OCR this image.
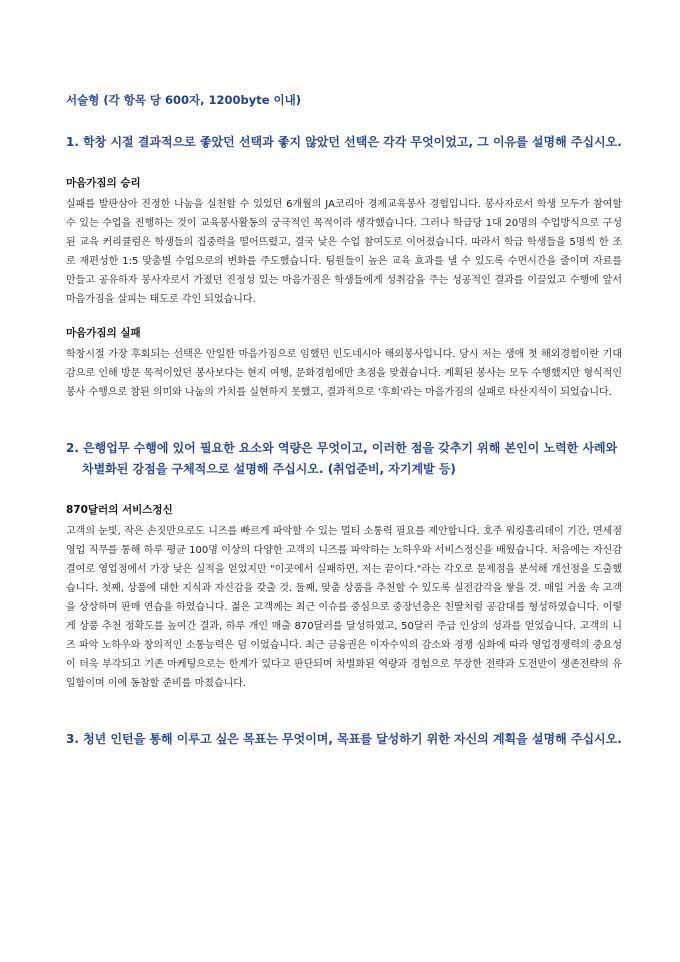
서술형 (각 항목 당 600자, 1200byte 이내)

1. 학창 시절 결과적으로 좋았던 선택과 좋지 않았던 선택은 각각 무엇이었고, 그 이유를 설명해 주십시오.

마음가짐의 승리

실패를 발판삼아 진정한 나눔을 실천할 수 있었던 6개월의 JA코리아 경제교육봉사 경험입니다. 봉사자로서 학생 모두가 참여할 수 있는 수업을 진행하는 것이 교육봉사활동의 궁극적인 목적이라 생각했습니다. 그러나 학급당 1대 20명의 수업방식으로 구성된 교육 커리큘럼은 학생들의 집중력을 떨어뜨렸고, 결국 낮은 수업 참여도로 이어졌습니다. 따라서 학급 학생들을 5명씩 한 조로 재편성한 1:5 맞춤별 수업으로의 변화를 주도했습니다. 팀원들이 높은 교육 효과를 낼 수 있도록 수면시간을 줄이며 자료를 만들고 공유하자 봉사자로서 가졌던 진정성 있는 마음가짐은 학생들에게 성취감을 주는 성공적인 결과를 이끌었고 수행에 앞서 마음가짐을 살피는 태도로 각인 되었습니다.

마음가짐의 실패

학창시절 가장 후회되는 선택은 안일한 마음가짐으로 임했던 인도네시아 해외봉사입니다. 당시 저는 생애 첫 해외경험이란 기대감으로 인해 방문 목적이었던 봉사보다는 현지 여행, 문화경험에만 초점을 맞췄습니다. 계획된 봉사는 모두 수행했지만 형식적인 봉사 수행으로 참된 의미와 나눔의 가치를 실현하지 못했고, 결과적으로 '후회'라는 마음가짐의 실패로 타산지석이 되었습니다.

2. 은행업무 수행에 있어 필요한 요소와 역량은 무엇이고, 이러한 점을 갖추기 위해 본인이 노력한 사례와 차별화된 강점을 구체적으로 설명해 주십시오. (취업준비, 자기계발 등)

870달러의 서비스정신

고객의 눈빛, 작은 손짓만으로도 니즈를 빠르게 파악할 수 있는 멀티 소통력 필요를 제안합니다. 호주 워킹홀리데이 기간, 면세점 영업 직무를 통해 하루 평균 100명 이상의 다양한 고객의 니즈를 파악하는 노하우와 서비스정신을 배웠습니다. 처음에는 자신감 결여로 영업점에서 가장 낮은 실적을 얻었지만 "이곳에서 실패하면, 저는 끝이다."라는 각오로 문제점을 분석해 개선점을 도출했습니다. 첫째, 상품에 대한 지식과 자신감을 갖출 것. 둘째, 맞춤 상품을 추천할 수 있도록 실전감각을 쌓을 것. 매일 거울 속 고객을 상상하며 판매 연습을 하였습니다. 젊은 고객께는 최근 이슈를 중심으로 중장년층은 친딸처럼 공감대를 형성하였습니다. 이렇게 상품 추천 정확도를 높여간 결과, 하루 개인 매출 870달러를 달성하였고, 50달러 주급 인상의 성과를 얻었습니다. 고객의 니즈 파악 노하우와 창의적인 소통능력은 덤 이었습니다. 최근 금융권은 이자수익의 감소와 경쟁 심화에 따라 영업경쟁력의 중요성이 더욱 부각되고 기존 마케팅으로는 한계가 있다고 판단되며 차별화된 역량과 경험으로 무장한 전략과 도전만이 생존전략의 유일함이며 이에 동참할 준비를 마쳤습니다.

3. 청년 인턴을 통해 이루고 싶은 목표는 무엇이며, 목표를 달성하기 위한 자신의 계획을 설명해 주십시오.
